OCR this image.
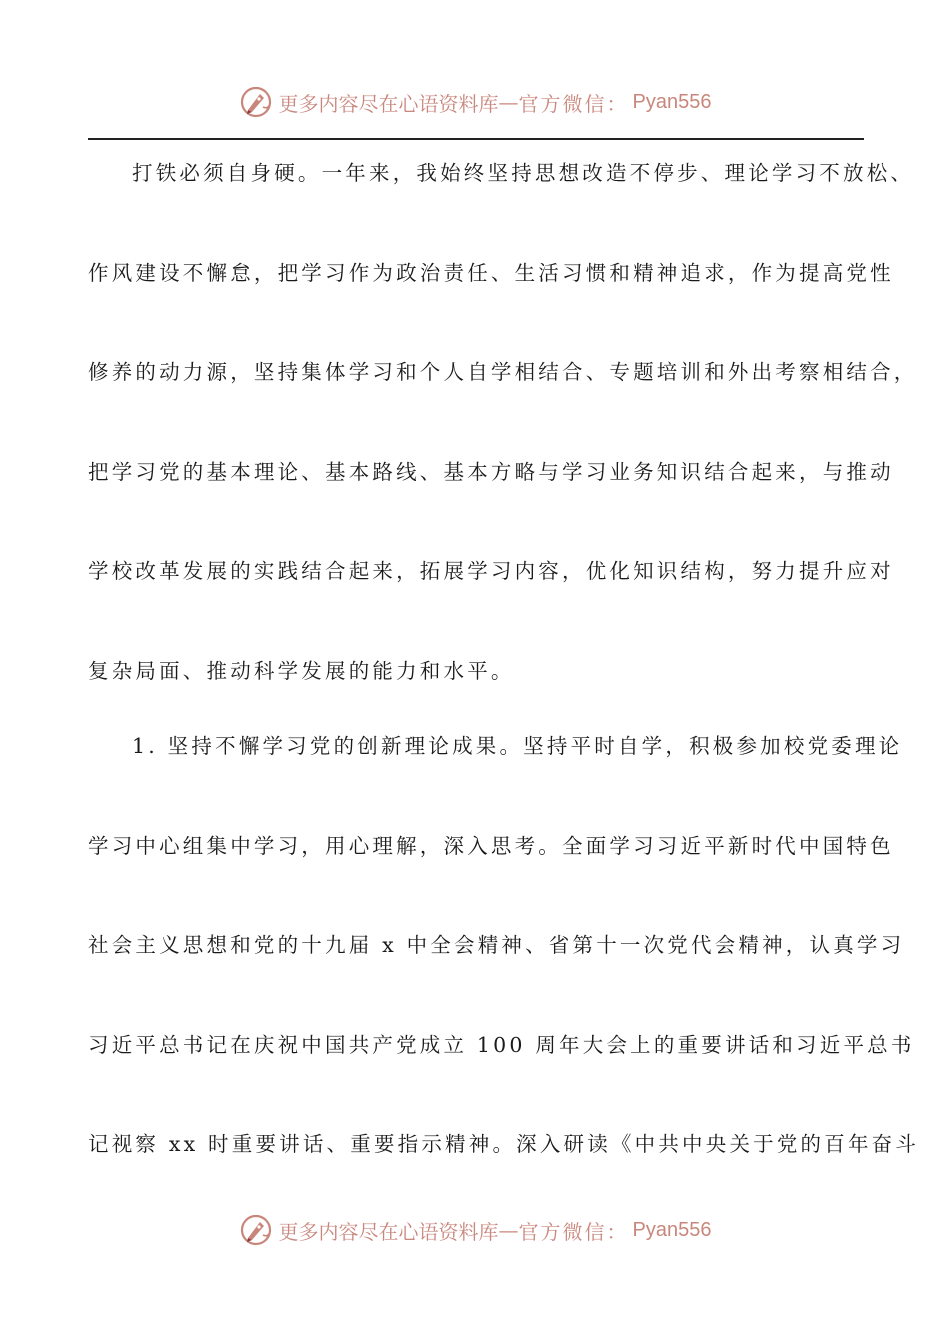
更多内容尽在心语资料库 — 官方微信： Pyan556
打铁必须自身硬。一年来，我始终坚持思想改造不停步、理论学习不放松、
作风建设不懈怠，把学习作为政治责任、生活习惯和精神追求，作为提高党性
修养的动力源，坚持集体学习和个人自学相结合、专题培训和外出考察相结合，
把学习党的基本理论、基本路线、基本方略与学习业务知识结合起来，与推动
学校改革发展的实践结合起来，拓展学习内容，优化知识结构，努力提升应对
复杂局面、推动科学发展的能力和水平。
1. 坚持不懈学习党的创新理论成果。坚持平时自学，积极参加校党委理论
学习中心组集中学习，用心理解，深入思考。全面学习习近平新时代中国特色
社会主义思想和党的十九届 x 中全会精神、省第十一次党代会精神，认真学习
习近平总书记在庆祝中国共产党成立 100 周年大会上的重要讲话和习近平总书
记视察 xx 时重要讲话、重要指示精神。深入研读《中共中央关于党的百年奋斗
更多内容尽在心语资料库 — 官方微信： Pyan556
